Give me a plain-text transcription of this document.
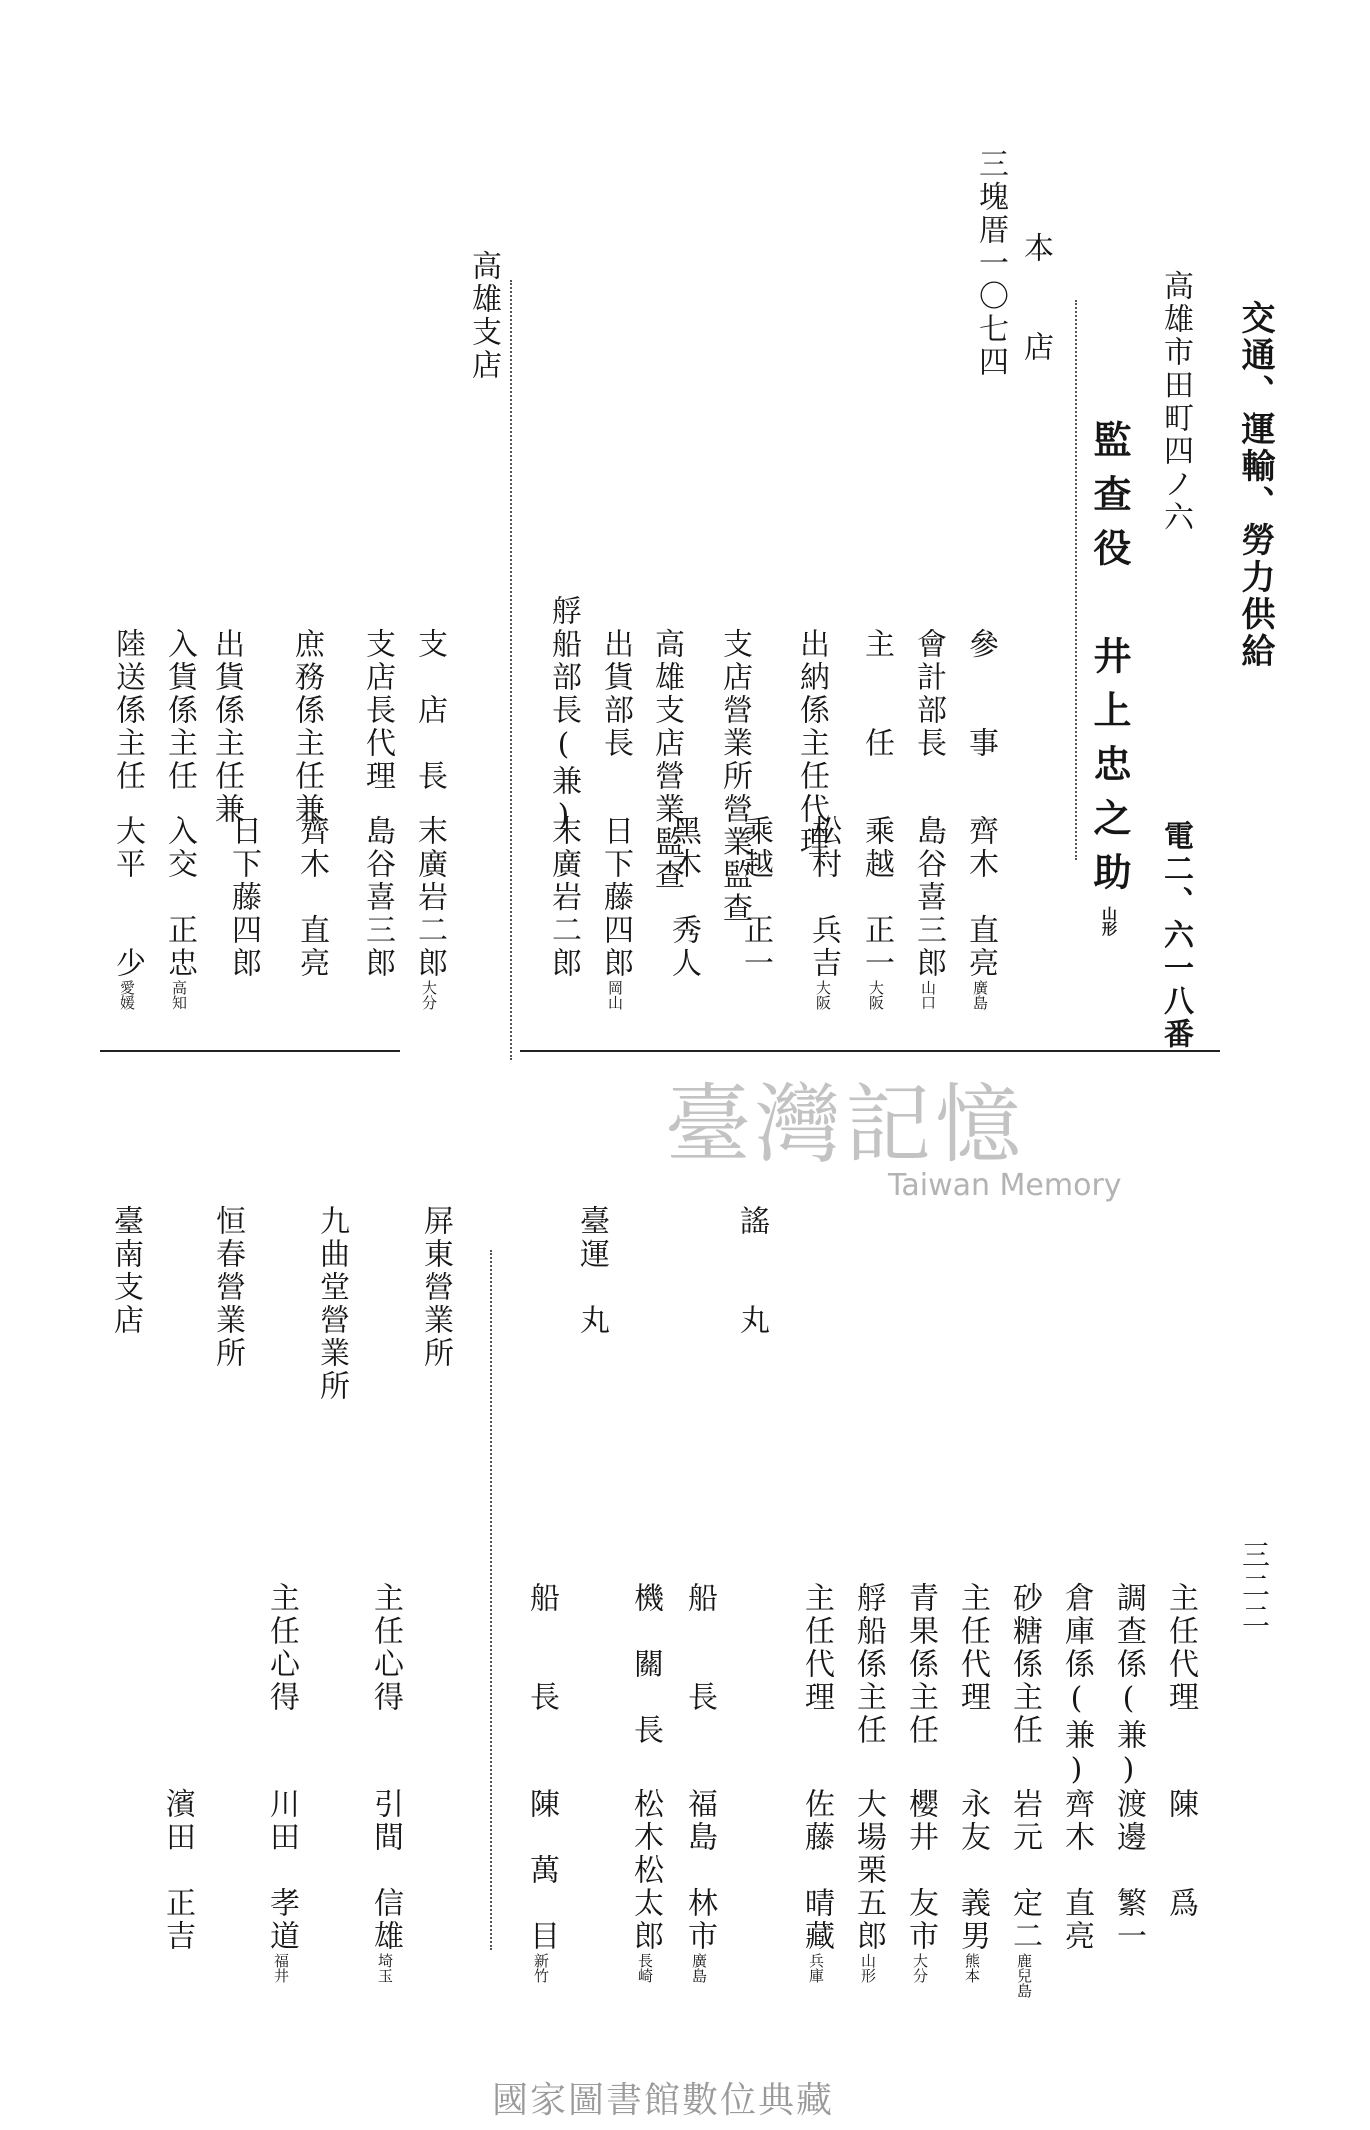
交通、運輸、勞力供給
三二二
高雄市田町四ノ六
監查役　井上忠之助山形	電二、六一八番
本　　店
三塊厝一〇七四
參　　事
齊木　直亮廣島
會計部長
島谷喜三郎山口
主　　任
乘越　正一大阪
出納係主任代理
松村　兵吉大阪
支店營業所營業監查
乘越　正一
高雄支店營業監查
黑木　秀人
出貨部長
日下藤四郎岡山
艀船部長(兼)
末廣岩二郎
高雄支店
支　店　長
末廣岩二郎大分
支店長代理
島谷喜三郎
庶務係主任兼
齊木　直亮
出貨係主任兼
日下藤四郎
入貨係主任
入交　正忠高知
陸送係主任
大平　　少愛媛
臺灣記憶
Taiwan Memory
主任代理
陳　　爲
調查係(兼)
渡邊　繁一
倉庫係(兼)
齊木　直亮
砂糖係主任
岩元　定二鹿兒島
主任代理
永友　義男熊本
青果係主任
櫻井　友市大分
艀船係主任
大場栗五郎山形
主任代理
佐藤　晴藏兵庫
謠　　丸
臺運　丸
船　　長
福島　林市廣島
機　關　長
松木松太郎長崎
船　　長
陳　萬　目新竹
屏東營業所
九曲堂營業所
恒春營業所
臺南支店
主任心得
引間　信雄埼玉
主任心得
川田　孝道福井
濱田　正吉
國家圖書館數位典藏
